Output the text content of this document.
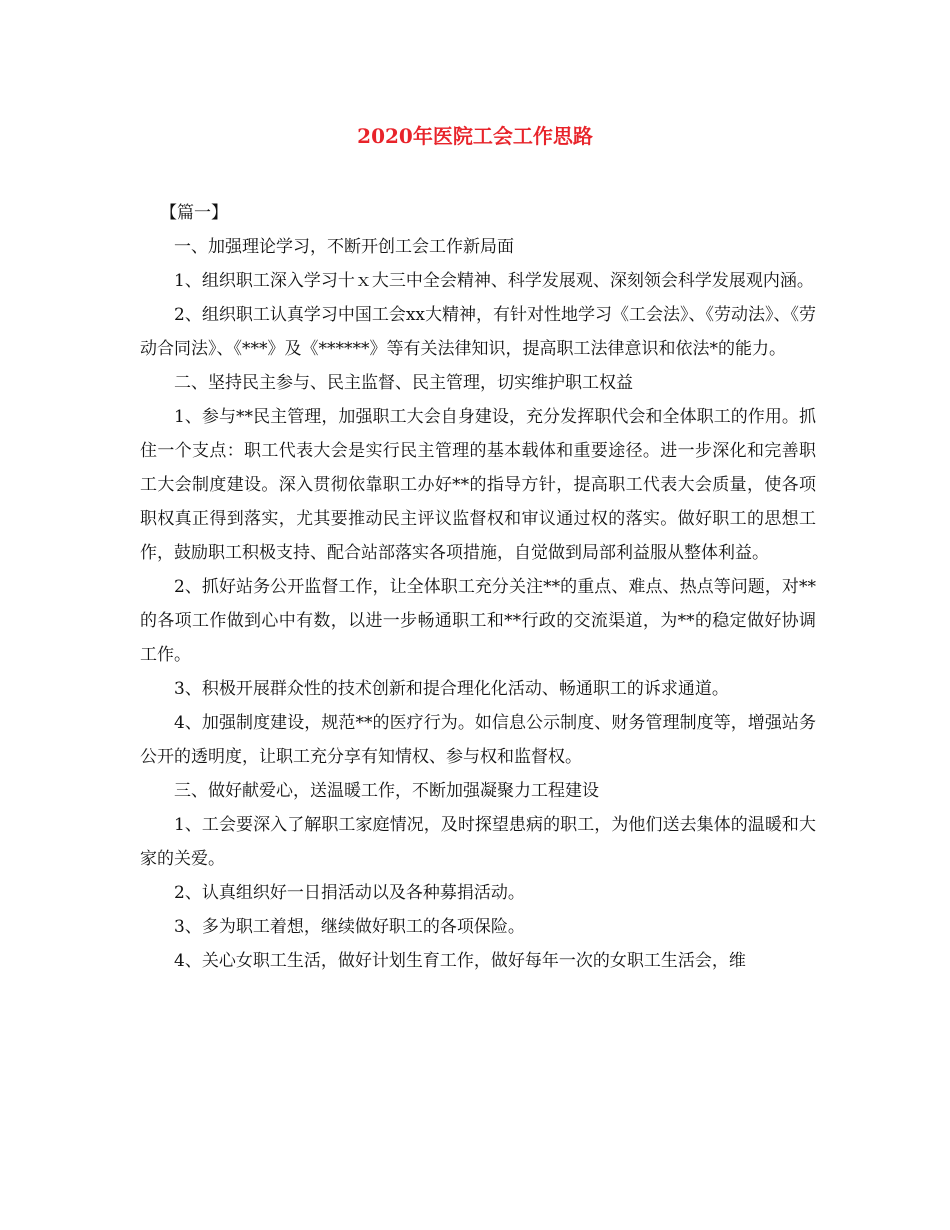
2020年医院工会工作思路

【篇一】

一、加强理论学习，不断开创工会工作新局面

1、组织职工深入学习十ｘ大三中全会精神、科学发展观、深刻领会科学发展观内涵。

2、组织职工认真学习中国工会xx大精神，有针对性地学习《工会法》、《劳动法》、《劳动合同法》、《***》及《******》等有关法律知识，提高职工法律意识和依法*的能力。

二、坚持民主参与、民主监督、民主管理，切实维护职工权益

1、参与**民主管理，加强职工大会自身建设，充分发挥职代会和全体职工的作用。抓住一个支点：职工代表大会是实行民主管理的基本载体和重要途径。进一步深化和完善职工大会制度建设。深入贯彻依靠职工办好**的指导方针，提高职工代表大会质量，使各项职权真正得到落实，尤其要推动民主评议监督权和审议通过权的落实。做好职工的思想工作，鼓励职工积极支持、配合站部落实各项措施，自觉做到局部利益服从整体利益。

2、抓好站务公开监督工作，让全体职工充分关注**的重点、难点、热点等问题，对**的各项工作做到心中有数，以进一步畅通职工和**行政的交流渠道，为**的稳定做好协调工作。

3、积极开展群众性的技术创新和提合理化化活动、畅通职工的诉求通道。

4、加强制度建设，规范**的医疗行为。如信息公示制度、财务管理制度等，增强站务公开的透明度，让职工充分享有知情权、参与权和监督权。

三、做好献爱心，送温暖工作，不断加强凝聚力工程建设

1、工会要深入了解职工家庭情况，及时探望患病的职工，为他们送去集体的温暖和大家的关爱。

2、认真组织好一日捐活动以及各种募捐活动。

3、多为职工着想，继续做好职工的各项保险。

4、关心女职工生活，做好计划生育工作，做好每年一次的女职工生活会，维
